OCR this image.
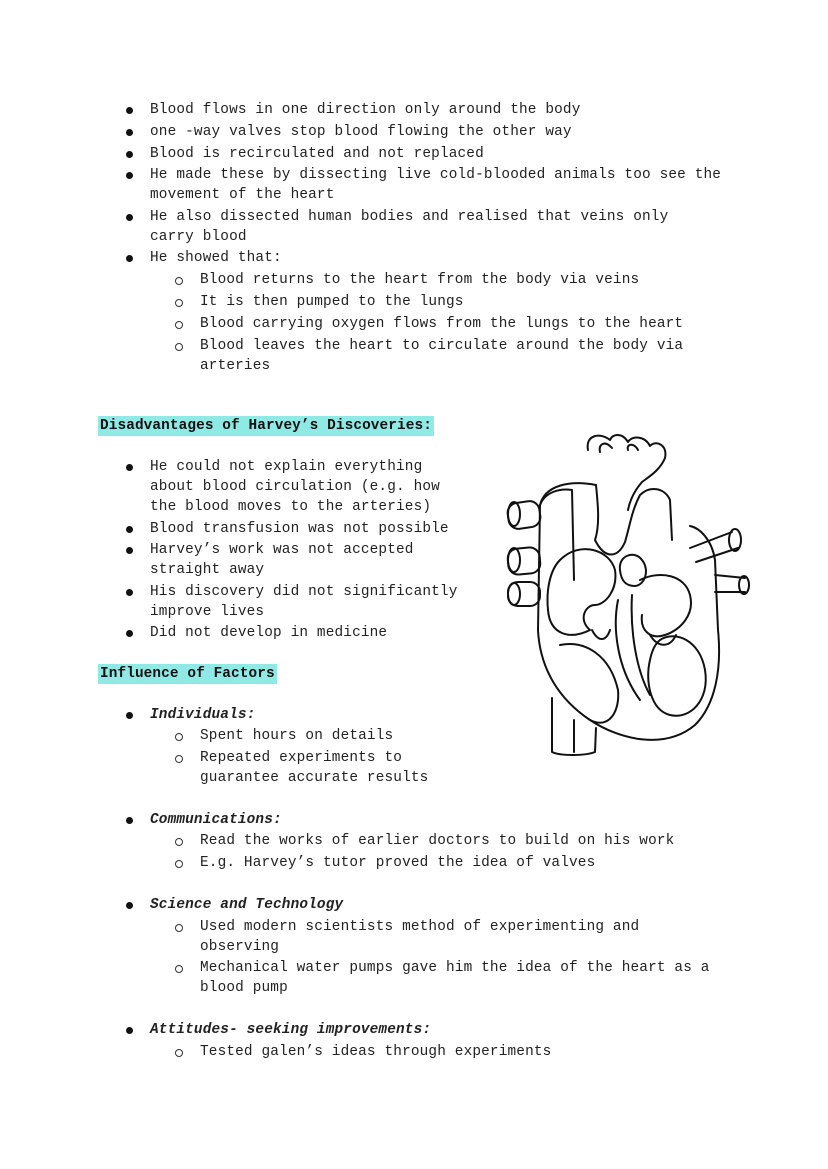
Blood flows in one direction only around the body
one -way valves stop blood flowing the other way
Blood is recirculated and not replaced
He made these by dissecting live cold-blooded animals too see the movement of the heart
He also dissected human bodies and realised that veins only carry blood
He showed that:
Blood returns to the heart from the body via veins
It is then pumped to the lungs
Blood carrying oxygen flows from the lungs to the heart
Blood leaves the heart to circulate around the body via arteries
Disadvantages of Harvey’s Discoveries:
He could not explain everything about blood circulation (e.g. how the blood moves to the arteries)
Blood transfusion was not possible
Harvey’s work was not accepted straight away
His discovery did not significantly improve lives
Did not develop in medicine
Influence of Factors
Individuals:
Spent hours on details
Repeated experiments to guarantee accurate results
Communications:
Read the works of earlier doctors to build on his work
E.g. Harvey’s tutor proved the idea of valves
Science and Technology
Used modern scientists method of experimenting and observing
Mechanical water pumps gave him the idea of the heart as a blood pump
Attitudes- seeking improvements:
Tested galen’s ideas through experiments
